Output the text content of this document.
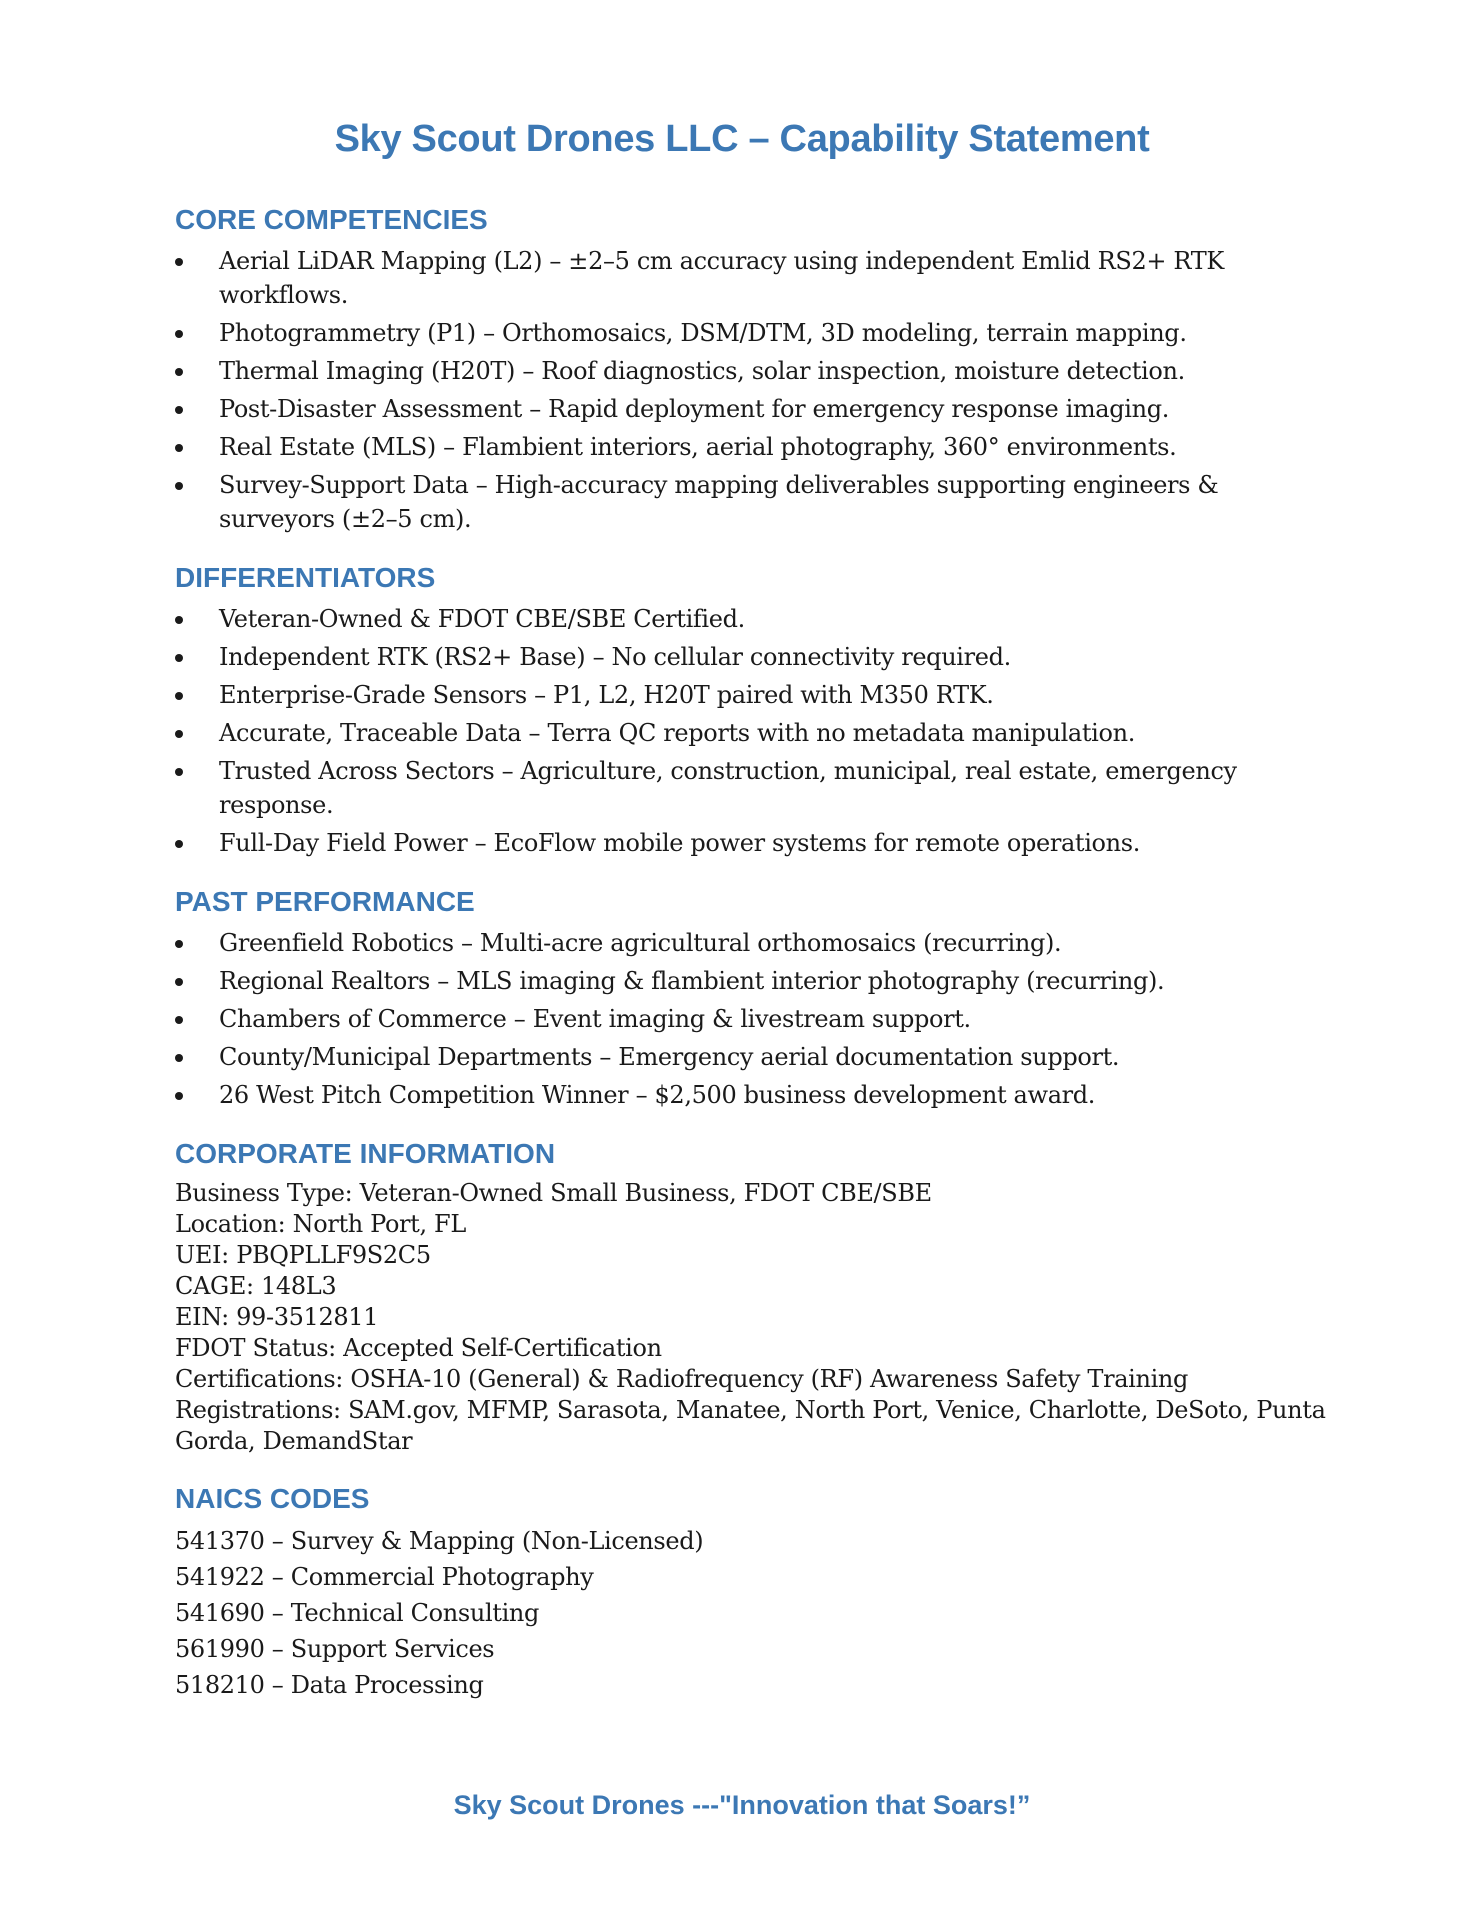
Sky Scout Drones LLC – Capability Statement
CORE COMPETENCIES
Aerial LiDAR Mapping (L2) – ±2–5 cm accuracy using independent Emlid RS2+ RTK workflows.
Photogrammetry (P1) – Orthomosaics, DSM/DTM, 3D modeling, terrain mapping.
Thermal Imaging (H20T) – Roof diagnostics, solar inspection, moisture detection.
Post-Disaster Assessment – Rapid deployment for emergency response imaging.
Real Estate (MLS) – Flambient interiors, aerial photography, 360° environments.
Survey-Support Data – High-accuracy mapping deliverables supporting engineers & surveyors (±2–5 cm).
DIFFERENTIATORS
Veteran-Owned & FDOT CBE/SBE Certified.
Independent RTK (RS2+ Base) – No cellular connectivity required.
Enterprise-Grade Sensors – P1, L2, H20T paired with M350 RTK.
Accurate, Traceable Data – Terra QC reports with no metadata manipulation.
Trusted Across Sectors – Agriculture, construction, municipal, real estate, emergency response.
Full-Day Field Power – EcoFlow mobile power systems for remote operations.
PAST PERFORMANCE
Greenfield Robotics – Multi-acre agricultural orthomosaics (recurring).
Regional Realtors – MLS imaging & flambient interior photography (recurring).
Chambers of Commerce – Event imaging & livestream support.
County/Municipal Departments – Emergency aerial documentation support.
26 West Pitch Competition Winner – $2,500 business development award.
CORPORATE INFORMATION
Business Type: Veteran-Owned Small Business, FDOT CBE/SBE
Location: North Port, FL
UEI: PBQPLLF9S2C5
CAGE: 148L3
EIN: 99-3512811
FDOT Status: Accepted Self-Certification
Certifications: OSHA-10 (General) & Radiofrequency (RF) Awareness Safety Training
Registrations: SAM.gov, MFMP, Sarasota, Manatee, North Port, Venice, Charlotte, DeSoto, Punta Gorda, DemandStar
NAICS CODES
541370 – Survey & Mapping (Non-Licensed)
541922 – Commercial Photography
541690 – Technical Consulting
561990 – Support Services
518210 – Data Processing
Sky Scout Drones ---"Innovation that Soars!”
